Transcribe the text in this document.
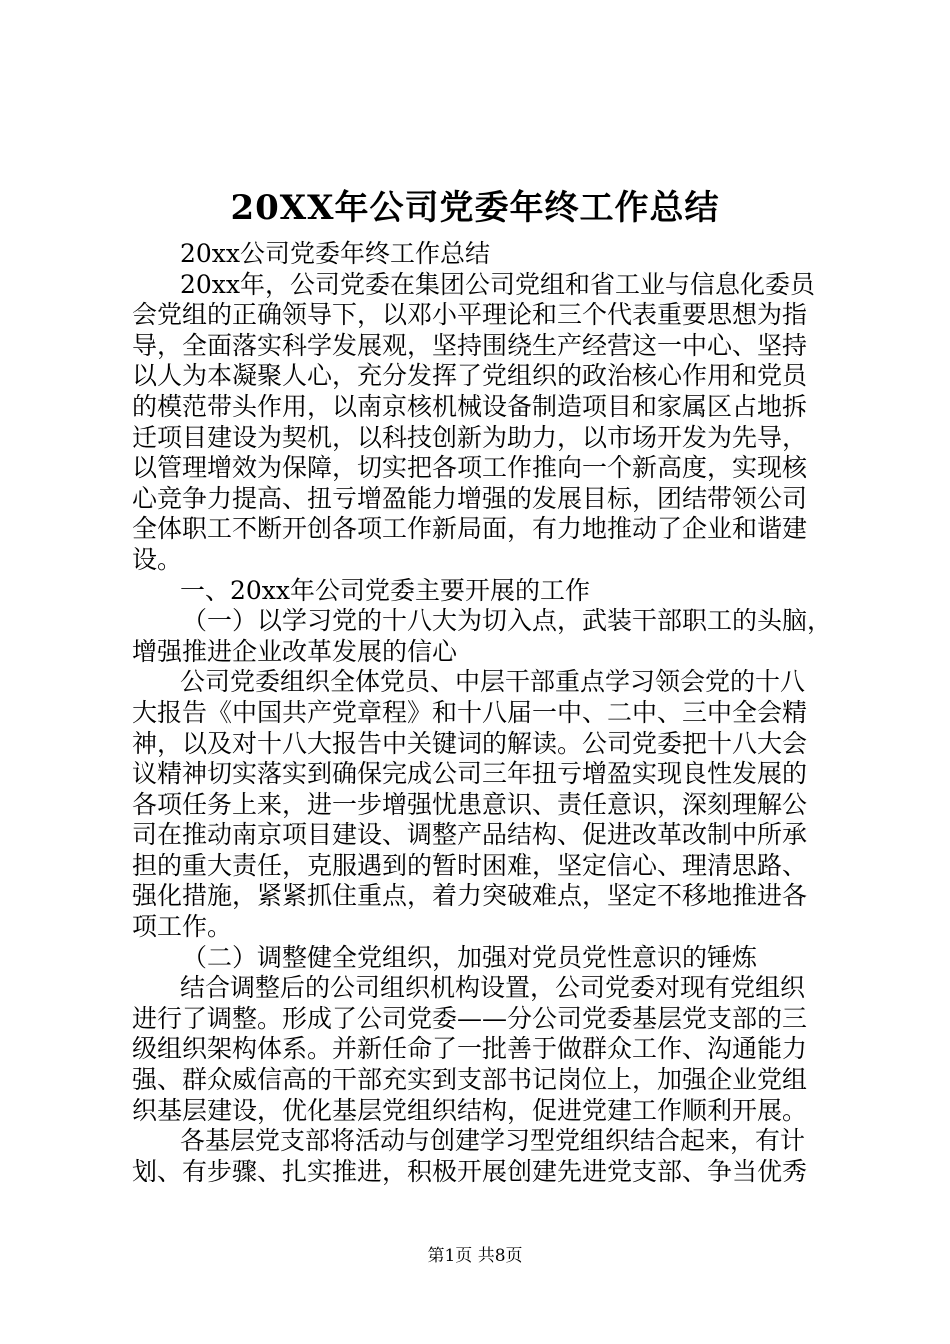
20XX年公司党委年终工作总结
20xx公司党委年终工作总结
20xx年，公司党委在集团公司党组和省工业与信息化委员
会党组的正确领导下，以邓小平理论和三个代表重要思想为指
导，全面落实科学发展观，坚持围绕生产经营这一中心、坚持
以人为本凝聚人心，充分发挥了党组织的政治核心作用和党员
的模范带头作用，以南京核机械设备制造项目和家属区占地拆
迁项目建设为契机，以科技创新为助力，以市场开发为先导，
以管理增效为保障，切实把各项工作推向一个新高度，实现核
心竞争力提高、扭亏增盈能力增强的发展目标，团结带领公司
全体职工不断开创各项工作新局面，有力地推动了企业和谐建
设。
一、20xx年公司党委主要开展的工作
（一）以学习党的十八大为切入点，武装干部职工的头脑，
增强推进企业改革发展的信心
公司党委组织全体党员、中层干部重点学习领会党的十八
大报告《中国共产党章程》和十八届一中、二中、三中全会精
神，以及对十八大报告中关键词的解读。公司党委把十八大会
议精神切实落实到确保完成公司三年扭亏增盈实现良性发展的
各项任务上来，进一步增强忧患意识、责任意识，深刻理解公
司在推动南京项目建设、调整产品结构、促进改革改制中所承
担的重大责任，克服遇到的暂时困难，坚定信心、理清思路、
强化措施，紧紧抓住重点，着力突破难点，坚定不移地推进各
项工作。
（二）调整健全党组织，加强对党员党性意识的锤炼
结合调整后的公司组织机构设置，公司党委对现有党组织
进行了调整。形成了公司党委——分公司党委基层党支部的三
级组织架构体系。并新任命了一批善于做群众工作、沟通能力
强、群众威信高的干部充实到支部书记岗位上，加强企业党组
织基层建设，优化基层党组织结构，促进党建工作顺利开展。
各基层党支部将活动与创建学习型党组织结合起来，有计
划、有步骤、扎实推进，积极开展创建先进党支部、争当优秀
第1页 共8页
